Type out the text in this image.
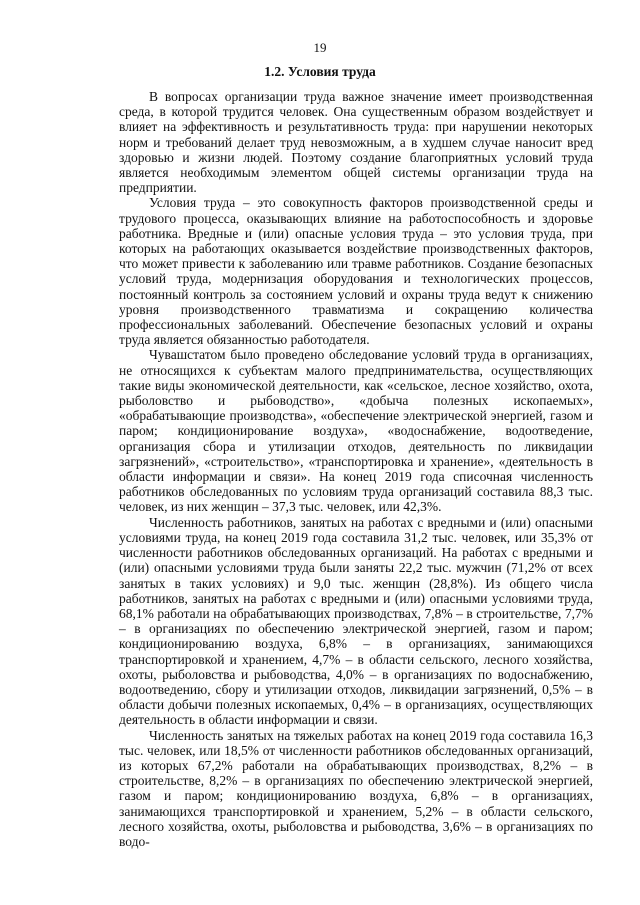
19
1.2. Условия труда

В вопросах организации труда важное значение имеет производственная среда, в которой трудится человек. Она существенным образом воздействует и влияет на эффективность и результативность труда: при нарушении некоторых норм и требований делает труд невозможным, а в худшем случае наносит вред здоровью и жизни людей. Поэтому создание благоприятных условий труда является необходимым элементом общей системы организации труда на предприятии.

Условия труда – это совокупность факторов производственной среды и трудового процесса, оказывающих влияние на работоспособность и здоровье работника. Вредные и (или) опасные условия труда – это условия труда, при которых на работающих оказывается воздействие производственных факторов, что может привести к заболеванию или травме работников. Создание безопасных условий труда, модернизация оборудования и технологических процессов, постоянный контроль за состоянием условий и охраны труда ведут к снижению уровня производственного травматизма и сокращению количества профессиональных заболеваний. Обеспечение безопасных условий и охраны труда является обязанностью работодателя.

Чувашстатом было проведено обследование условий труда в организациях, не относящихся к субъектам малого предпринимательства, осуществляющих такие виды экономической деятельности, как «сельское, лесное хозяйство, охота, рыболовство и рыбоводство», «добыча полезных ископаемых», «обрабатывающие производства», «обеспечение электрической энергией, газом и паром; кондиционирование воздуха», «водоснабжение, водоотведение, организация сбора и утилизации отходов, деятельность по ликвидации загрязнений», «строительство», «транспортировка и хранение», «деятельность в области информации и связи». На конец 2019 года списочная численность работников обследованных по условиям труда организаций составила 88,3 тыс. человек, из них женщин – 37,3 тыс. человек, или 42,3%.

Численность работников, занятых на работах с вредными и (или) опасными условиями труда, на конец 2019 года составила 31,2 тыс. человек, или 35,3% от численности работников обследованных организаций. На работах с вредными и (или) опасными условиями труда были заняты 22,2 тыс. мужчин (71,2% от всех занятых в таких условиях) и 9,0 тыс. женщин (28,8%). Из общего числа работников, занятых на работах с вредными и (или) опасными условиями труда, 68,1% работали на обрабатывающих производствах, 7,8% – в строительстве, 7,7% – в организациях по обеспечению электрической энергией, газом и паром; кондиционированию воздуха, 6,8% – в организациях, занимающихся транспортировкой и хранением, 4,7% – в области сельского, лесного хозяйства, охоты, рыболовства и рыбоводства, 4,0% – в организациях по водоснабжению, водоотведению, сбору и утилизации отходов, ликвидации загрязнений, 0,5% – в области добычи полезных ископаемых, 0,4% – в организациях, осуществляющих деятельность в области информации и связи.

Численность занятых на тяжелых работах на конец 2019 года составила 16,3 тыс. человек, или 18,5% от численности работников обследованных организаций, из которых 67,2% работали на обрабатывающих производствах, 8,2% – в строительстве, 8,2% – в организациях по обеспечению электрической энергией, газом и паром; кондиционированию воздуха, 6,8% – в организациях, занимающихся транспортировкой и хранением, 5,2% – в области сельского, лесного хозяйства, охоты, рыболовства и рыбоводства, 3,6% – в организациях по водо-
